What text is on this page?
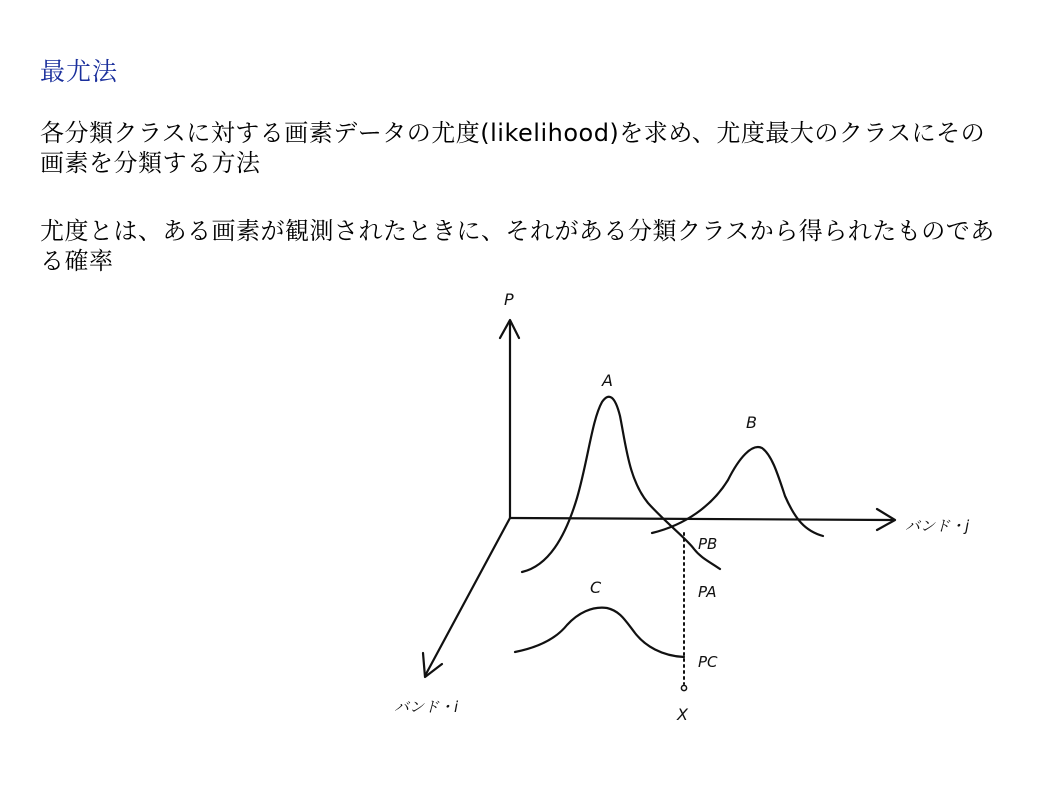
最尤法
各分類クラスに対する画素データの尤度(likelihood)を求め、尤度最大のクラスにその画素を分類する方法
尤度とは、ある画素が観測されたときに、それがある分類クラスから得られたものである確率
P
A
B
C
バンド・j
バンド・i
PB
PA
PC
X
